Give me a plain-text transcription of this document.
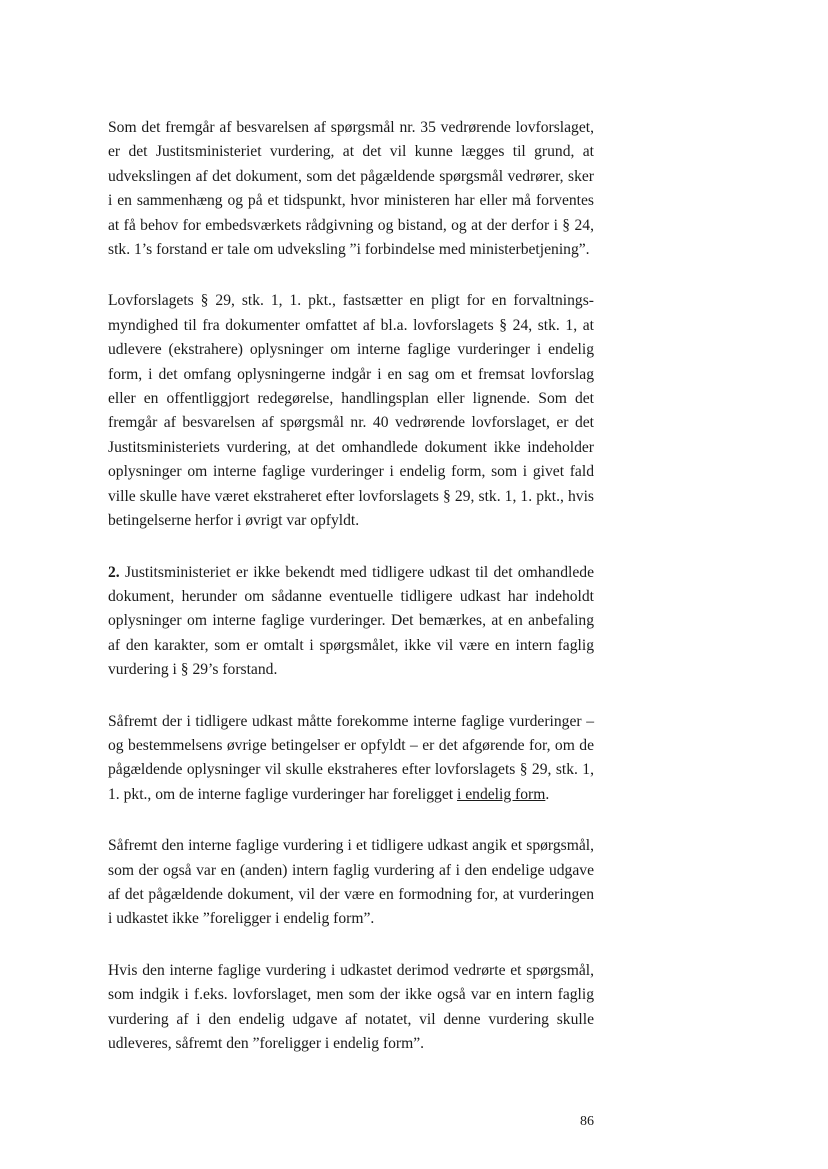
Som det fremgår af besvarelsen af spørgsmål nr. 35 vedrørende lovforslaget, er det Justitsministeriet vurdering, at det vil kunne lægges til grund, at udvekslingen af det dokument, som det pågældende spørgsmål vedrører, sker i en sammenhæng og på et tidspunkt, hvor ministeren har eller må forventes at få behov for embedsværkets rådgivning og bistand, og at der derfor i § 24, stk. 1’s forstand er tale om udveksling ”i forbindelse med ministerbetjening”.

Lovforslagets § 29, stk. 1, 1. pkt., fastsætter en pligt for en forvaltningsmyndighed til fra dokumenter omfattet af bl.a. lovforslagets § 24, stk. 1, at udlevere (ekstrahere) oplysninger om interne faglige vurderinger i endelig form, i det omfang oplysningerne indgår i en sag om et fremsat lovforslag eller en offentliggjort redegørelse, handlingsplan eller lignende. Som det fremgår af besvarelsen af spørgsmål nr. 40 vedrørende lovforslaget, er det Justitsministeriets vurdering, at det omhandlede dokument ikke indeholder oplysninger om interne faglige vurderinger i endelig form, som i givet fald ville skulle have været ekstraheret efter lovforslagets § 29, stk. 1, 1. pkt., hvis betingelserne herfor i øvrigt var opfyldt.

2. Justitsministeriet er ikke bekendt med tidligere udkast til det omhandlede dokument, herunder om sådanne eventuelle tidligere udkast har indeholdt oplysninger om interne faglige vurderinger. Det bemærkes, at en anbefaling af den karakter, som er omtalt i spørgsmålet, ikke vil være en intern faglig vurdering i § 29’s forstand.

Såfremt der i tidligere udkast måtte forekomme interne faglige vurderinger – og bestemmelsens øvrige betingelser er opfyldt – er det afgørende for, om de pågældende oplysninger vil skulle ekstraheres efter lovforslagets § 29, stk. 1, 1. pkt., om de interne faglige vurderinger har foreligget i endelig form.

Såfremt den interne faglige vurdering i et tidligere udkast angik et spørgsmål, som der også var en (anden) intern faglig vurdering af i den endelige udgave af det pågældende dokument, vil der være en formodning for, at vurderingen i udkastet ikke ”foreligger i endelig form”.

Hvis den interne faglige vurdering i udkastet derimod vedrørte et spørgsmål, som indgik i f.eks. lovforslaget, men som der ikke også var en intern faglig vurdering af i den endelig udgave af notatet, vil denne vurdering skulle udleveres, såfremt den ”foreligger i endelig form”.

86
